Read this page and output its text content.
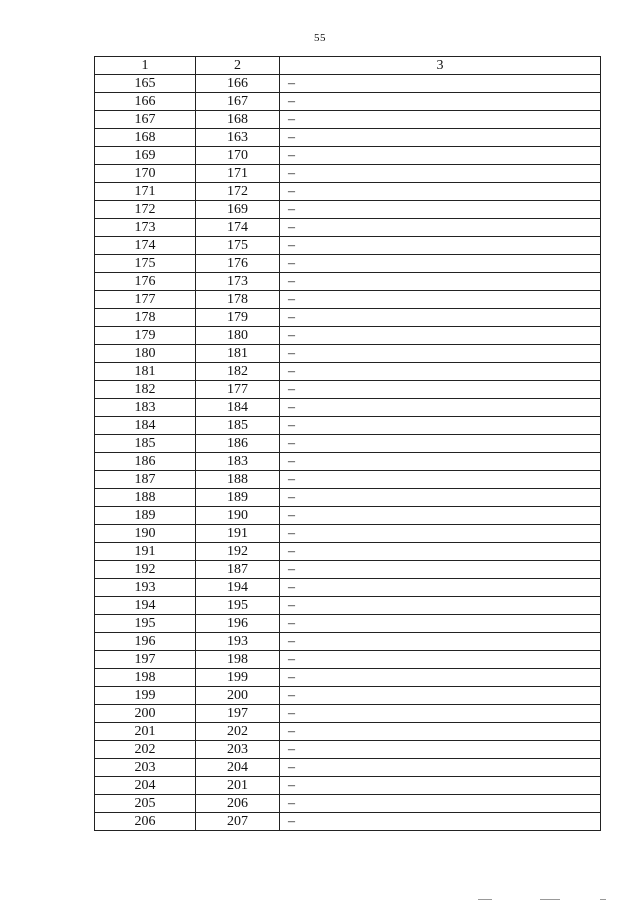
55
1	2	3
165	166	–
166	167	–
167	168	–
168	163	–
169	170	–
170	171	–
171	172	–
172	169	–
173	174	–
174	175	–
175	176	–
176	173	–
177	178	–
178	179	–
179	180	–
180	181	–
181	182	–
182	177	–
183	184	–
184	185	–
185	186	–
186	183	–
187	188	–
188	189	–
189	190	–
190	191	–
191	192	–
192	187	–
193	194	–
194	195	–
195	196	–
196	193	–
197	198	–
198	199	–
199	200	–
200	197	–
201	202	–
202	203	–
203	204	–
204	201	–
205	206	–
206	207	–
